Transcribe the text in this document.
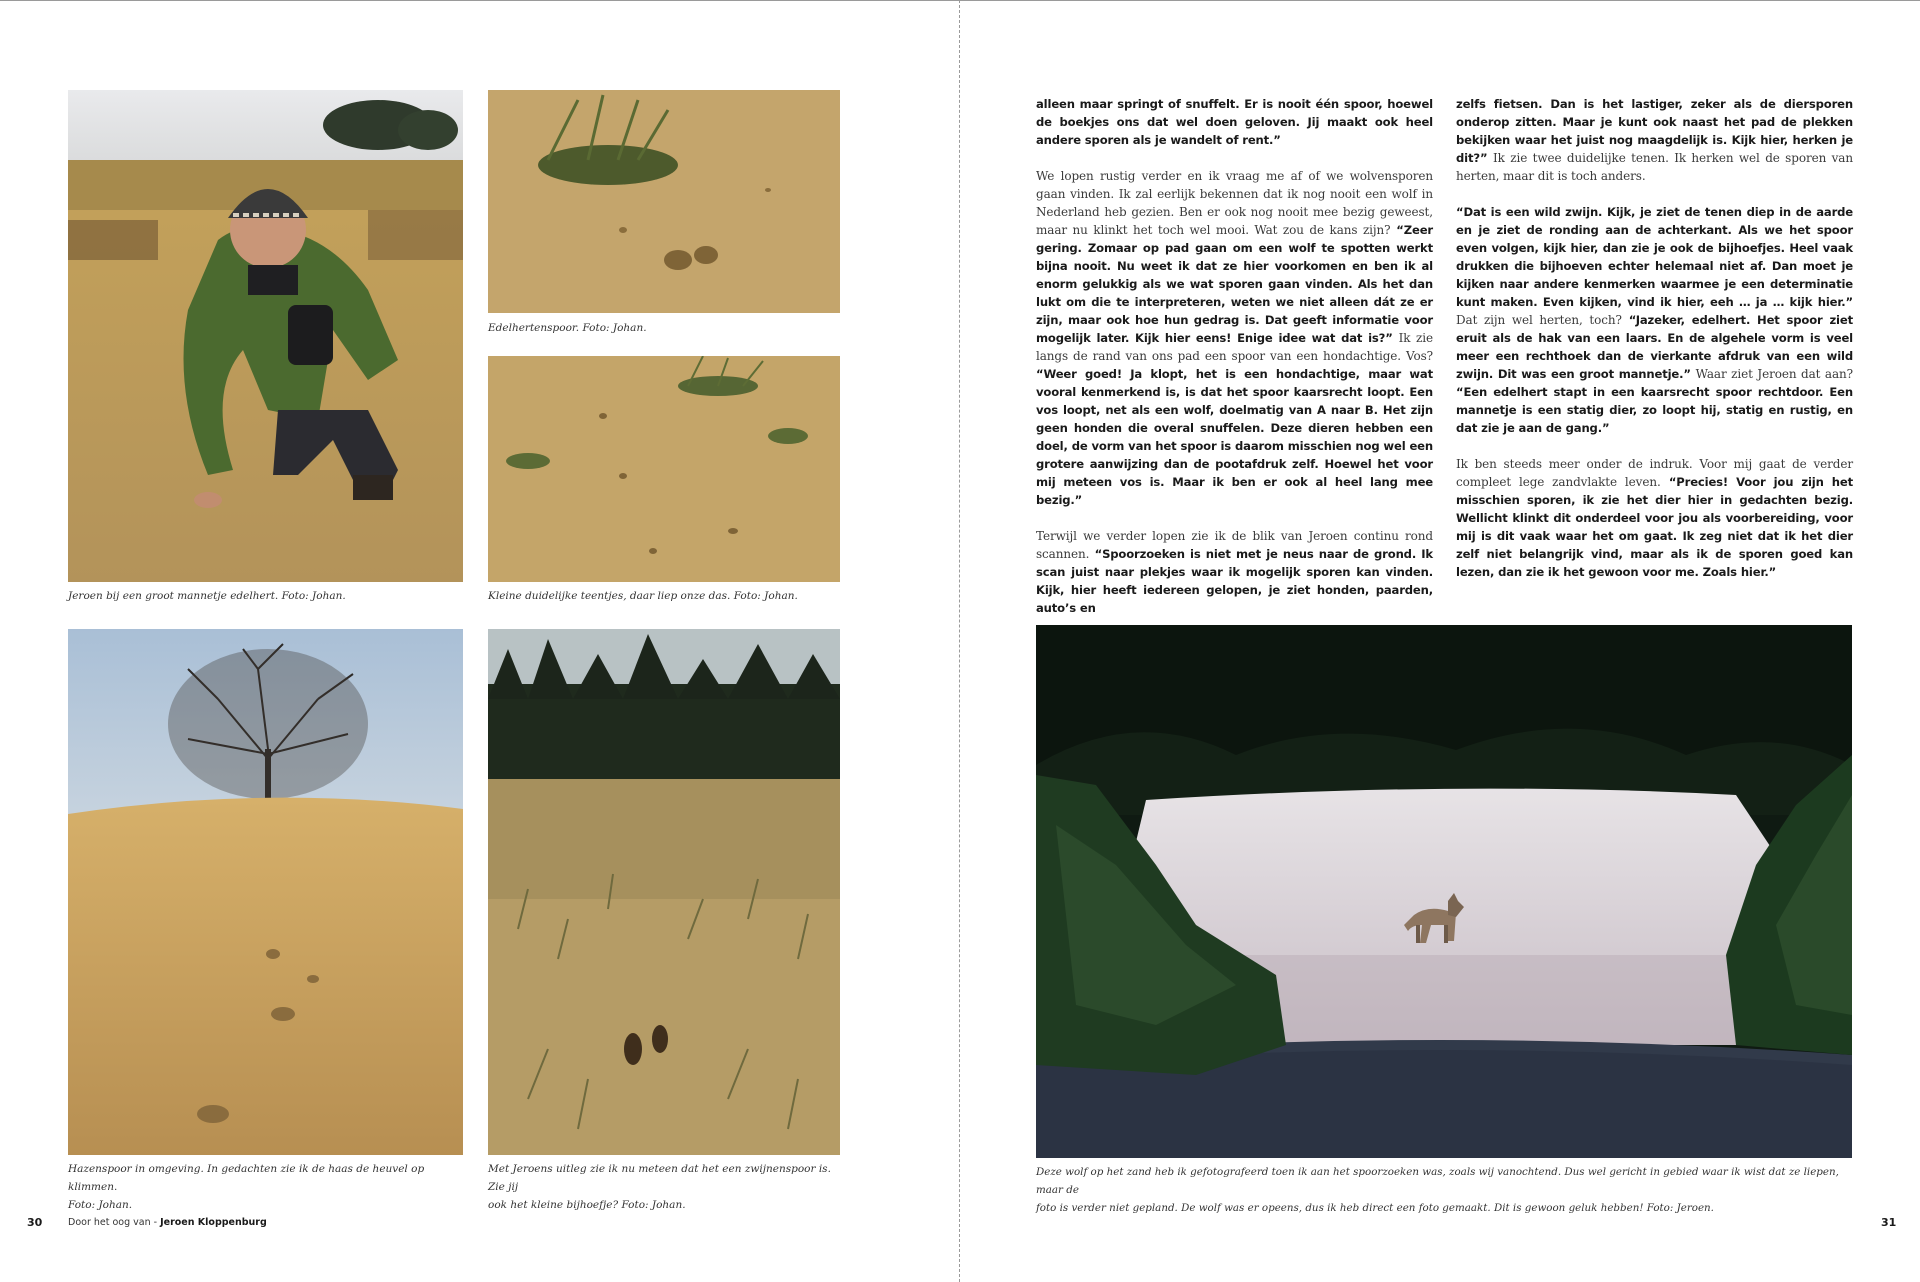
Jeroen bij een groot mannetje edelhert. Foto: Johan.
Edelhertenspoor. Foto: Johan.
Kleine duidelijke teentjes, daar liep onze das. Foto: Johan.
Hazenspoor in omgeving. In gedachten zie ik de haas de heuvel op klimmen.
Foto: Johan.
Met Jeroens uitleg zie ik nu meteen dat het een zwijnenspoor is. Zie jij
ook het kleine bijhoefje? Foto: Johan.
Deze wolf op het zand heb ik gefotografeerd toen ik aan het spoorzoeken was, zoals wij vanochtend. Dus wel gericht in gebied waar ik wist dat ze liepen, maar de
foto is verder niet gepland. De wolf was er opeens, dus ik heb direct een foto gemaakt. Dit is gewoon geluk hebben! Foto: Jeroen.

alleen maar springt of snuffelt. Er is nooit één spoor, hoewel de boekjes ons dat wel doen geloven. Jij maakt ook heel andere sporen als je wandelt of rent.”

We lopen rustig verder en ik vraag me af of we wolvensporen gaan vinden. Ik zal eerlijk bekennen dat ik nog nooit een wolf in Nederland heb gezien. Ben er ook nog nooit mee bezig geweest, maar nu klinkt het toch wel mooi. Wat zou de kans zijn? “Zeer gering. Zomaar op pad gaan om een wolf te spotten werkt bijna nooit. Nu weet ik dat ze hier voorkomen en ben ik al enorm gelukkig als we wat sporen gaan vinden. Als het dan lukt om die te interpreteren, weten we niet alleen dát ze er zijn, maar ook hoe hun gedrag is. Dat geeft informatie voor mogelijk later. Kijk hier eens! Enige idee wat dat is?” Ik zie langs de rand van ons pad een spoor van een hondachtige. Vos? “Weer goed! Ja klopt, het is een hondachtige, maar wat vooral kenmerkend is, is dat het spoor kaarsrecht loopt. Een vos loopt, net als een wolf, doelmatig van A naar B. Het zijn geen honden die overal snuffelen. Deze dieren hebben een doel, de vorm van het spoor is daarom misschien nog wel een grotere aanwijzing dan de pootafdruk zelf. Hoewel het voor mij meteen vos is. Maar ik ben er ook al heel lang mee bezig.”

Terwijl we verder lopen zie ik de blik van Jeroen continu rond scannen. “Spoorzoeken is niet met je neus naar de grond. Ik scan juist naar plekjes waar ik mogelijk sporen kan vinden. Kijk, hier heeft iedereen gelopen, je ziet honden, paarden, auto’s en

zelfs fietsen. Dan is het lastiger, zeker als de diersporen onderop zitten. Maar je kunt ook naast het pad de plekken bekijken waar het juist nog maagdelijk is. Kijk hier, herken je dit?” Ik zie twee duidelijke tenen. Ik herken wel de sporen van herten, maar dit is toch anders.

“Dat is een wild zwijn. Kijk, je ziet de tenen diep in de aarde en je ziet de ronding aan de achterkant. Als we het spoor even volgen, kijk hier, dan zie je ook de bijhoefjes. Heel vaak drukken die bijhoeven echter helemaal niet af. Dan moet je kijken naar andere kenmerken waarmee je een determinatie kunt maken. Even kijken, vind ik hier, eeh … ja … kijk hier.” Dat zijn wel herten, toch? “Jazeker, edelhert. Het spoor ziet eruit als de hak van een laars. En de algehele vorm is veel meer een rechthoek dan de vierkante afdruk van een wild zwijn. Dit was een groot mannetje.” Waar ziet Jeroen dat aan? “Een edelhert stapt in een kaarsrecht spoor rechtdoor. Een mannetje is een statig dier, zo loopt hij, statig en rustig, en dat zie je aan de gang.”

Ik ben steeds meer onder de indruk. Voor mij gaat de verder compleet lege zandvlakte leven. “Precies! Voor jou zijn het misschien sporen, ik zie het dier hier in gedachten bezig. Wellicht klinkt dit onderdeel voor jou als voorbereiding, voor mij is dit vaak waar het om gaat. Ik zeg niet dat ik het dier zelf niet belangrijk vind, maar als ik de sporen goed kan lezen, dan zie ik het gewoon voor me. Zoals hier.”

30	Door het oog van - Jeroen Kloppenburg	31
